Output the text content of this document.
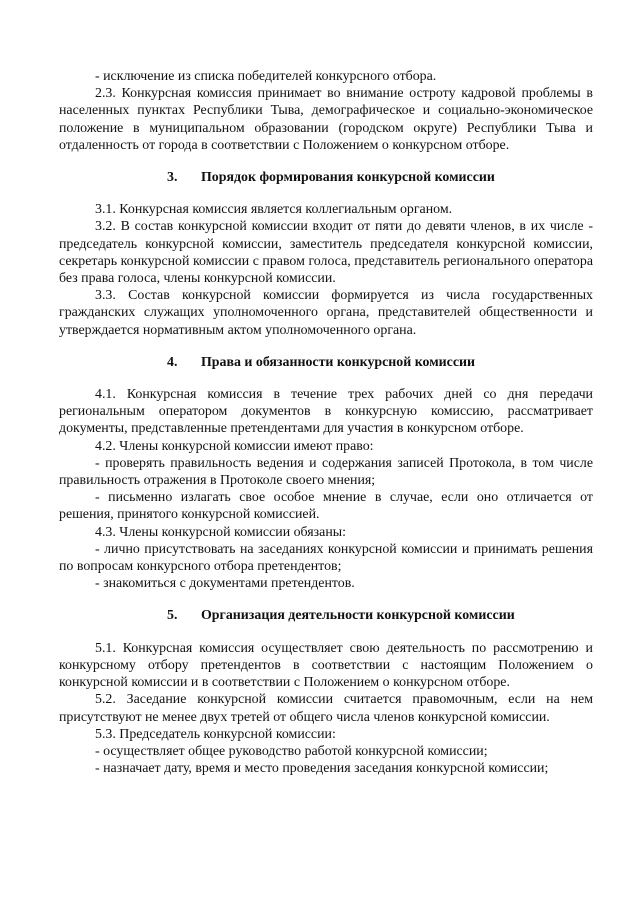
- исключение из списка победителей конкурсного отбора.

2.3. Конкурсная комиссия принимает во внимание остроту кадровой проблемы в населенных пунктах Республики Тыва, демографическое и социально-экономическое положение в муниципальном образовании (городском округе) Республики Тыва и отдаленность от города в соответствии с Положением о конкурсном отборе.

3. Порядок формирования конкурсной комиссии

3.1. Конкурсная комиссия является коллегиальным органом.

3.2. В состав конкурсной комиссии входит от пяти до девяти членов, в их числе - председатель конкурсной комиссии, заместитель председателя конкурсной комиссии, секретарь конкурсной комиссии с правом голоса, представитель регионального оператора без права голоса, члены конкурсной комиссии.

3.3. Состав конкурсной комиссии формируется из числа государственных гражданских служащих уполномоченного органа, представителей общественности и утверждается нормативным актом уполномоченного органа.

4. Права и обязанности конкурсной комиссии

4.1. Конкурсная комиссия в течение трех рабочих дней со дня передачи региональным оператором документов в конкурсную комиссию, рассматривает документы, представленные претендентами для участия в конкурсном отборе.

4.2. Члены конкурсной комиссии имеют право:

- проверять правильность ведения и содержания записей Протокола, в том числе правильность отражения в Протоколе своего мнения;

- письменно излагать свое особое мнение в случае, если оно отличается от решения, принятого конкурсной комиссией.

4.3. Члены конкурсной комиссии обязаны:

- лично присутствовать на заседаниях конкурсной комиссии и принимать решения по вопросам конкурсного отбора претендентов;

- знакомиться с документами претендентов.

5. Организация деятельности конкурсной комиссии

5.1. Конкурсная комиссия осуществляет свою деятельность по рассмотрению и конкурсному отбору претендентов в соответствии с настоящим Положением о конкурсной комиссии и в соответствии с Положением о конкурсном отборе.

5.2. Заседание конкурсной комиссии считается правомочным, если на нем присутствуют не менее двух третей от общего числа членов конкурсной комиссии.

5.3. Председатель конкурсной комиссии:

- осуществляет общее руководство работой конкурсной комиссии;

- назначает дату, время и место проведения заседания конкурсной комиссии;
